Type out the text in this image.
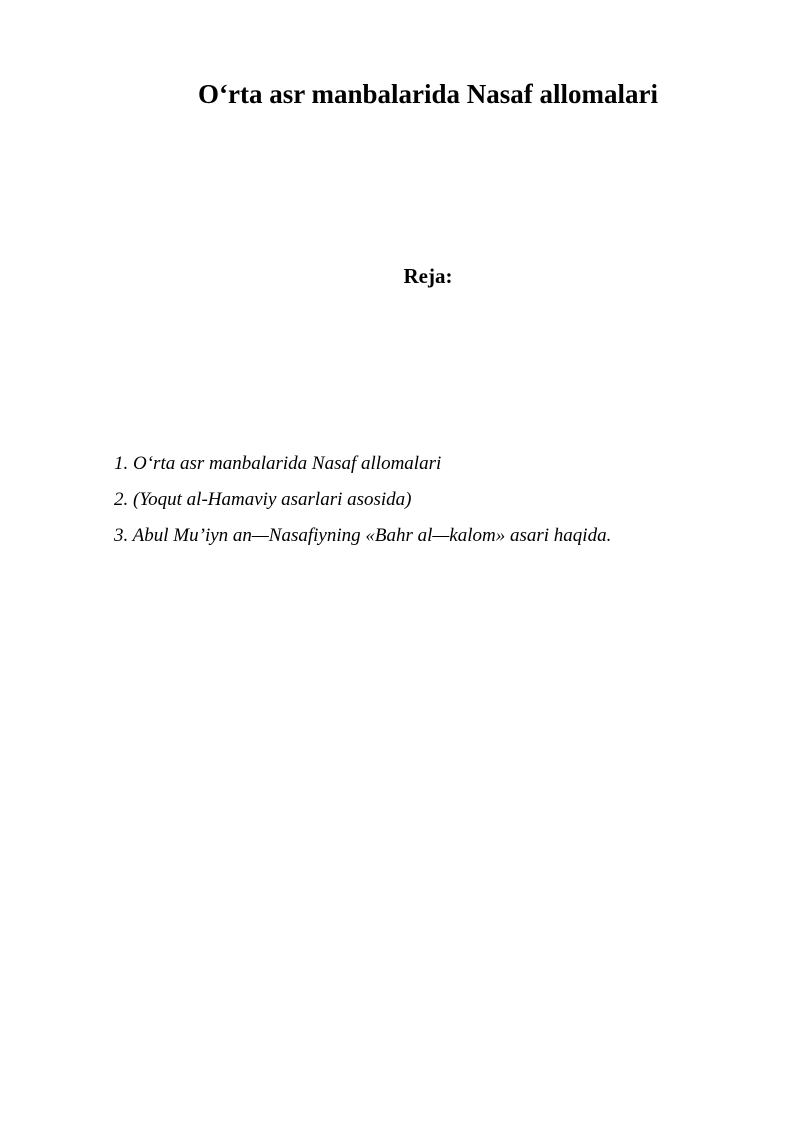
O‘rta asr manbalarida Nasaf allomalari
Reja:
1. O‘rta asr manbalarida Nasaf allomalari
2. (Yoqut al-Hamaviy asarlari asosida)
3. Abul Mu’iyn an—Nasafiyning «Bahr al—kalom» asari haqida.
